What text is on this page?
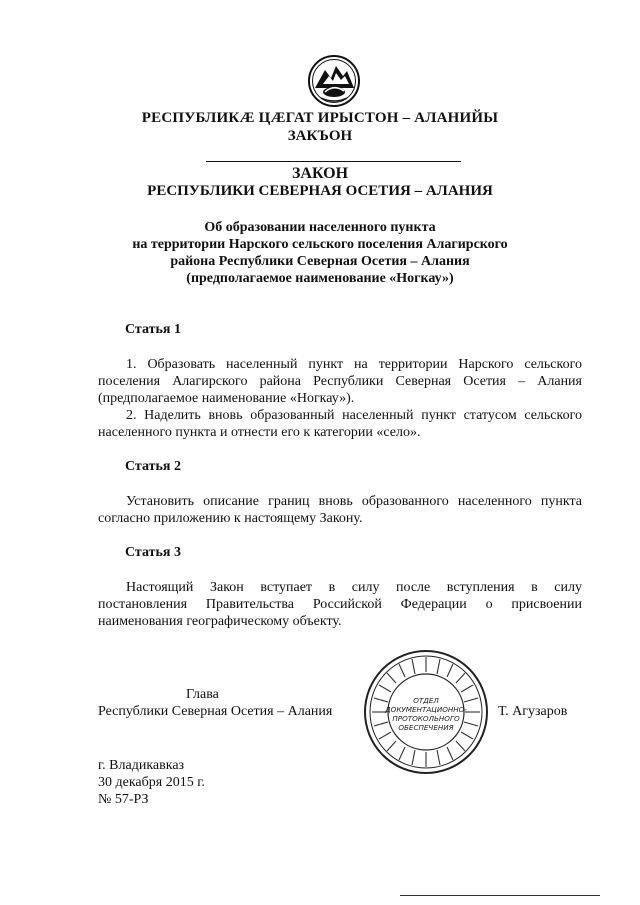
РЕСПУБЛИКÆ ЦÆГАТ ИРЫСТОН – АЛАНИЙЫ
ЗАКЪОН
ЗАКОН
РЕСПУБЛИКИ СЕВЕРНАЯ ОСЕТИЯ – АЛАНИЯ
Об образовании населенного пункта
на территории Нарского сельского поселения Алагирского
района Республики Северная Осетия – Алания
(предполагаемое наименование «Ногкау»)
Статья 1
1. Образовать населенный пункт на территории Нарского сельского
поселения Алагирского района Республики Северная Осетия – Алания
(предполагаемое наименование «Ногкау»).
2. Наделить вновь образованный населенный пункт статусом сельского
населенного пункта и отнести его к категории «село».
Статья 2
Установить описание границ вновь образованного населенного пункта
согласно приложению к настоящему Закону.
Статья 3
Настоящий Закон вступает в силу после вступления в силу
постановления Правительства Российской Федерации о присвоении
наименования географическому объекту.
Глава
Республики Северная Осетия – Алания
ОТДЕЛ
ДОКУМЕНТАЦИОННО-
ПРОТОКОЛЬНОГО
ОБЕСПЕЧЕНИЯ
Т. Агузаров
г. Владикавказ
30 декабря 2015 г.
№ 57-РЗ
